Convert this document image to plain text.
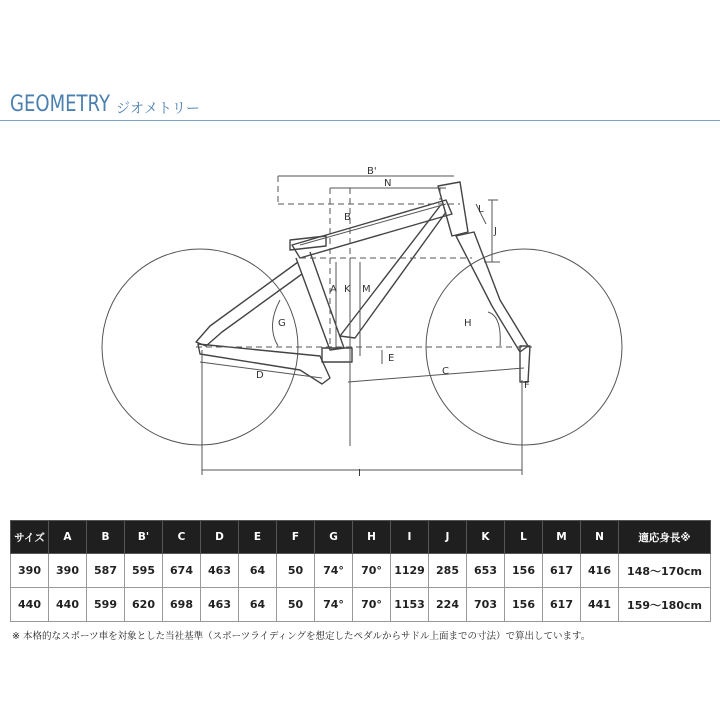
GEOMETRY ジオメトリー
B'
N
B
L
J
A K M
G	H
E
D	C
F
I
サイズ	A	B	B'	C	D	E	F	G	H	I	J	K	L	M	N	適応身長※
390	390	587	595	674	463	64	50	74°	70°	1129	285	653	156	617	416	148〜170cm
440	440	599	620	698	463	64	50	74°	70°	1153	224	703	156	617	441	159〜180cm
※ 本格的なスポーツ車を対象とした当社基準（スポーツライディングを想定したペダルからサドル上面までの寸法）で算出しています。
